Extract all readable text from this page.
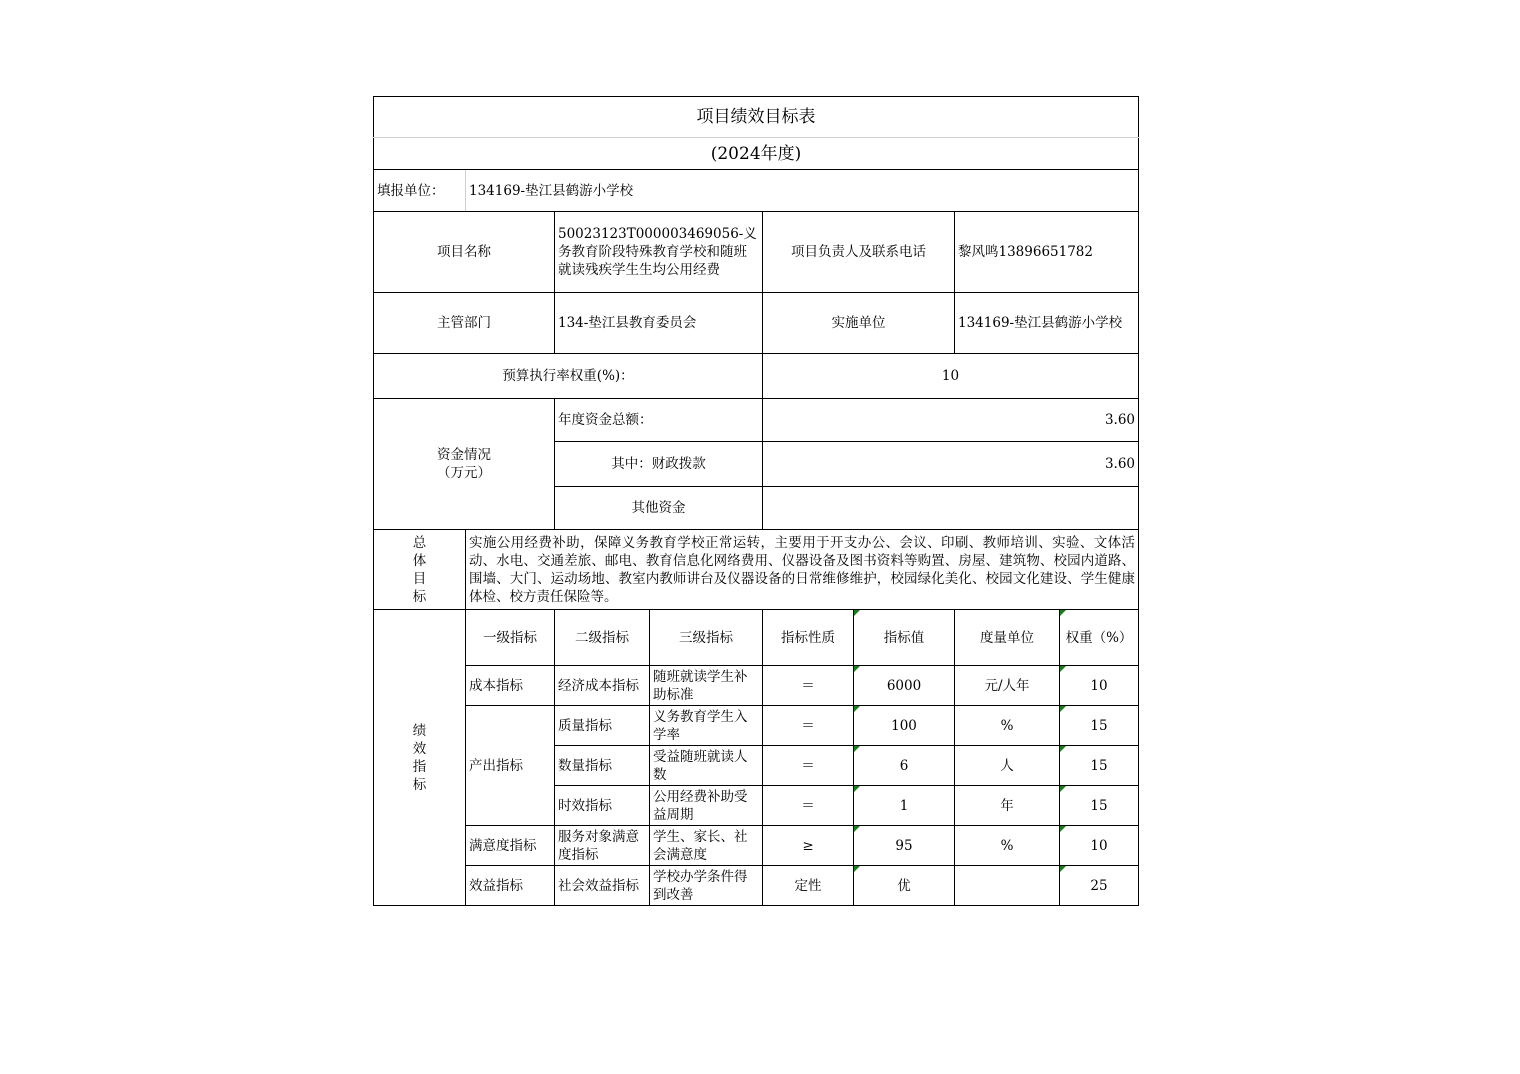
项目绩效目标表							
(2024年度)							
填报单位：	134169-垫江县鹤游小学校						
项目名称		50023123T000003469056-义务教育阶段特殊教育学校和随班就读残疾学生生均公用经费		项目负责人及联系电话		黎风鸣13896651782	
主管部门		134-垫江县教育委员会		实施单位		134169-垫江县鹤游小学校	
预算执行率权重(%)：				10			

资金情况
（万元）		年度资金总额：		3.60			
		其中：财政拨款		3.60			
		其他资金					

总
体
目
标	实施公用经费补助，保障义务教育学校正常运转，主要用于开支办公、会议、印刷、教师培训、实验、文体活动、水电、交通差旅、邮电、教育信息化网络费用、仪器设备及图书资料等购置、房屋、建筑物、校园内道路、围墙、大门、运动场地、教室内教师讲台及仪器设备的日常维修维护，校园绿化美化、校园文化建设、学生健康体检、校方责任保险等。						

绩
效
指
标	一级指标	二级指标	三级指标	指标性质	指标值	度量单位	权重（%）
	成本指标	经济成本指标	随班就读学生补助标准	＝	6000	元/人年	10
	产出指标	质量指标	义务教育学生入学率	＝	100	%	15
		数量指标	受益随班就读人数	＝	6	人	15
		时效指标	公用经费补助受益周期	＝	1	年	15
	满意度指标	服务对象满意度指标	学生、家长、社会满意度	≥	95	%	10
	效益指标	社会效益指标	学校办学条件得到改善	定性	优		25
